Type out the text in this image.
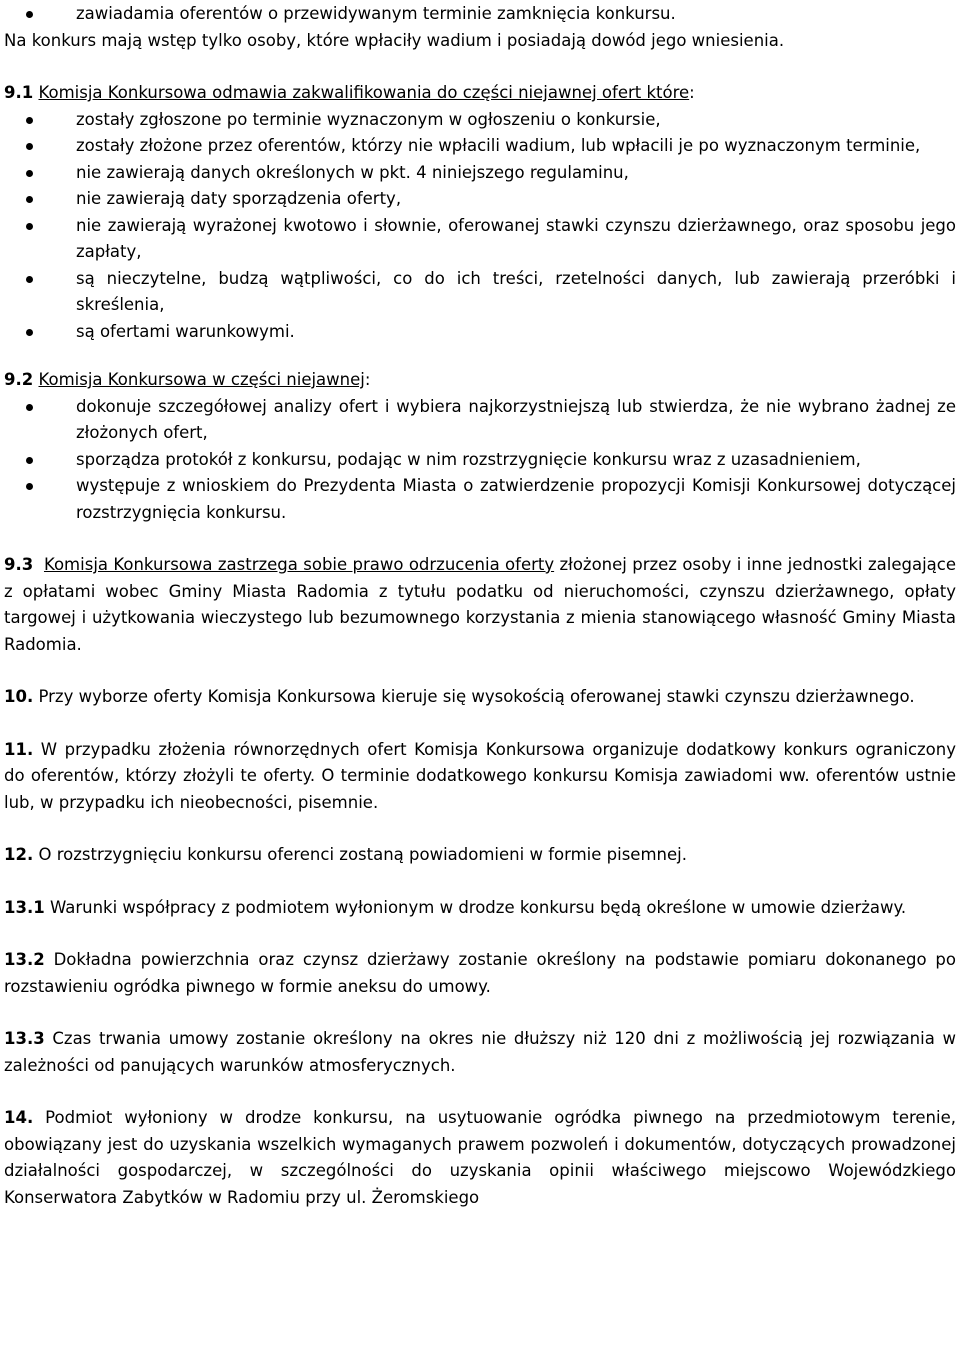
zawiadamia oferentów o przewidywanym terminie zamknięcia konkursu.

Na konkurs mają wstęp tylko osoby, które wpłaciły wadium i posiadają dowód jego wniesienia.

9.1 Komisja Konkursowa odmawia zakwalifikowania do części niejawnej ofert które:

zostały zgłoszone po terminie wyznaczonym w ogłoszeniu o konkursie,
zostały złożone przez oferentów, którzy nie wpłacili wadium, lub wpłacili je po wyznaczonym terminie,
nie zawierają danych określonych w pkt. 4 niniejszego regulaminu,
nie zawierają daty sporządzenia oferty,
nie zawierają wyrażonej kwotowo i słownie, oferowanej stawki czynszu dzierżawnego, oraz sposobu jego zapłaty,
są nieczytelne, budzą wątpliwości, co do ich treści, rzetelności danych, lub zawierają przeróbki i skreślenia,
są ofertami warunkowymi.

9.2 Komisja Konkursowa w części niejawnej:

dokonuje szczegółowej analizy ofert i wybiera najkorzystniejszą lub stwierdza, że nie wybrano żadnej ze złożonych ofert,
sporządza protokół z konkursu, podając w nim rozstrzygnięcie konkursu wraz z uzasadnieniem,
występuje z wnioskiem do Prezydenta Miasta o zatwierdzenie propozycji Komisji Konkursowej dotyczącej rozstrzygnięcia konkursu.

9.3 Komisja Konkursowa zastrzega sobie prawo odrzucenia oferty złożonej przez osoby i inne jednostki zalegające z opłatami wobec Gminy Miasta Radomia z tytułu podatku od nieruchomości, czynszu dzierżawnego, opłaty targowej i użytkowania wieczystego lub bezumownego korzystania z mienia stanowiącego własność Gminy Miasta Radomia.

10. Przy wyborze oferty Komisja Konkursowa kieruje się wysokością oferowanej stawki czynszu dzierżawnego.

11. W przypadku złożenia równorzędnych ofert Komisja Konkursowa organizuje dodatkowy konkurs ograniczony do oferentów, którzy złożyli te oferty. O terminie dodatkowego konkursu Komisja zawiadomi ww. oferentów ustnie lub, w przypadku ich nieobecności, pisemnie.

12. O rozstrzygnięciu konkursu oferenci zostaną powiadomieni w formie pisemnej.

13.1 Warunki współpracy z podmiotem wyłonionym w drodze konkursu będą określone w umowie dzierżawy.

13.2 Dokładna powierzchnia oraz czynsz dzierżawy zostanie określony na podstawie pomiaru dokonanego po rozstawieniu ogródka piwnego w formie aneksu do umowy.

13.3 Czas trwania umowy zostanie określony na okres nie dłuższy niż 120 dni z możliwością jej rozwiązania w zależności od panujących warunków atmosferycznych.

14. Podmiot wyłoniony w drodze konkursu, na usytuowanie ogródka piwnego na przedmiotowym terenie, obowiązany jest do uzyskania wszelkich wymaganych prawem pozwoleń i dokumentów, dotyczących prowadzonej działalności gospodarczej, w szczególności do uzyskania opinii właściwego miejscowo Wojewódzkiego Konserwatora Zabytków w Radomiu przy ul. Żeromskiego
